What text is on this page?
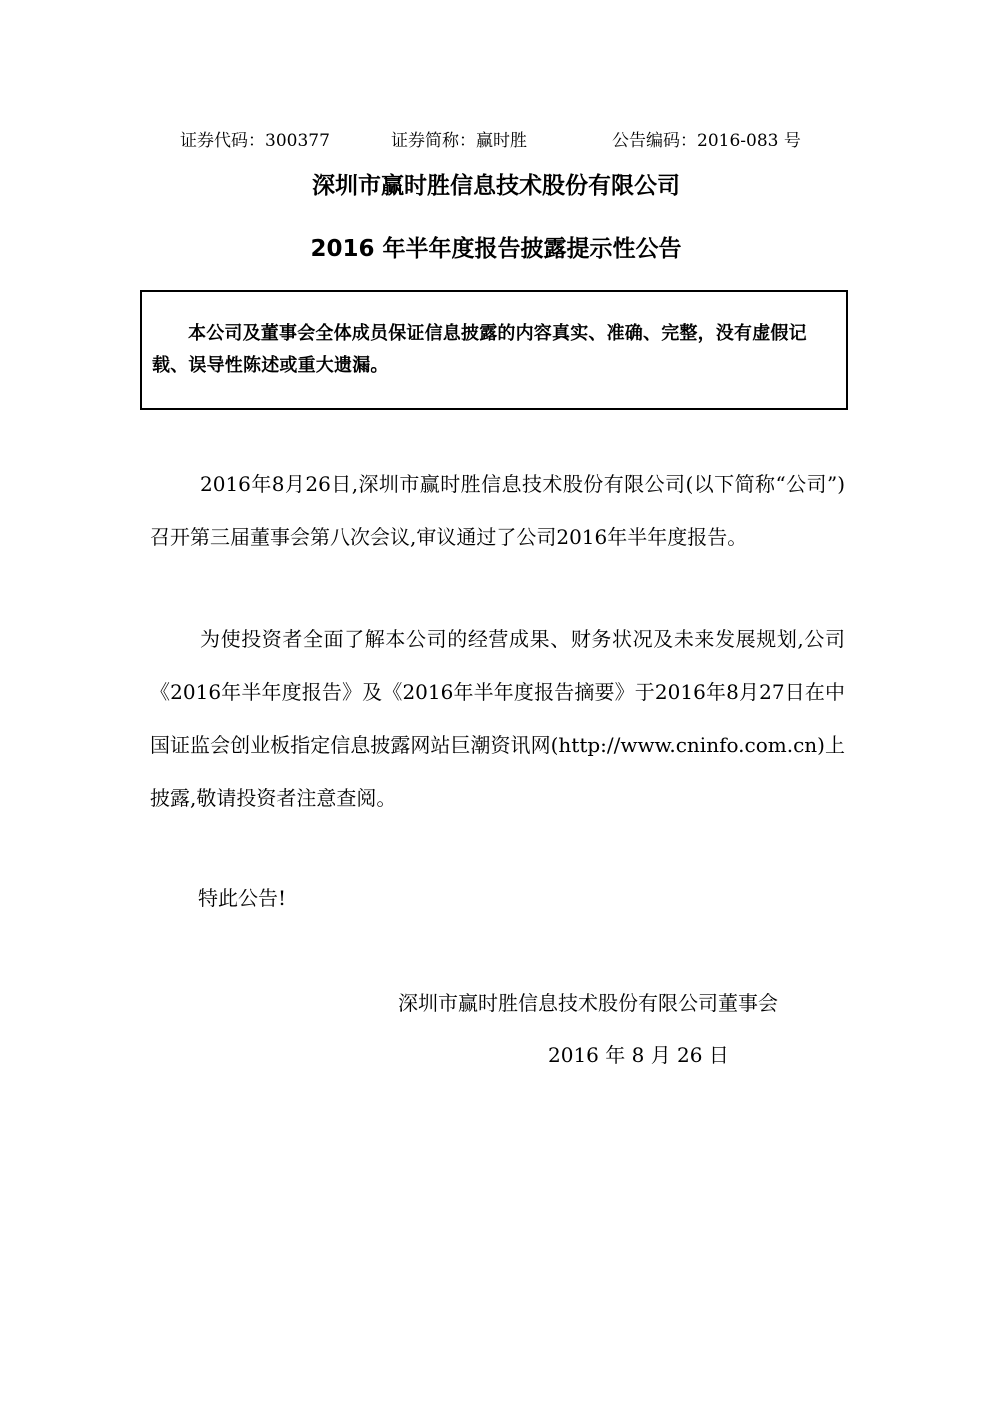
证券代码：300377	证券简称：赢时胜	公告编码：2016-083 号
深圳市赢时胜信息技术股份有限公司
2016 年半年度报告披露提示性公告
本公司及董事会全体成员保证信息披露的内容真实、准确、完整，没有虚假记载、误导性陈述或重大遗漏。
2016年8月26日,深圳市赢时胜信息技术股份有限公司(以下简称“公司”)召开第三届董事会第八次会议,审议通过了公司2016年半年度报告。
为使投资者全面了解本公司的经营成果、财务状况及未来发展规划,公司《2016年半年度报告》及《2016年半年度报告摘要》于2016年8月27日在中国证监会创业板指定信息披露网站巨潮资讯网(http://www.cninfo.com.cn)上披露,敬请投资者注意查阅。
特此公告!
深圳市赢时胜信息技术股份有限公司董事会
2016 年 8 月 26 日
